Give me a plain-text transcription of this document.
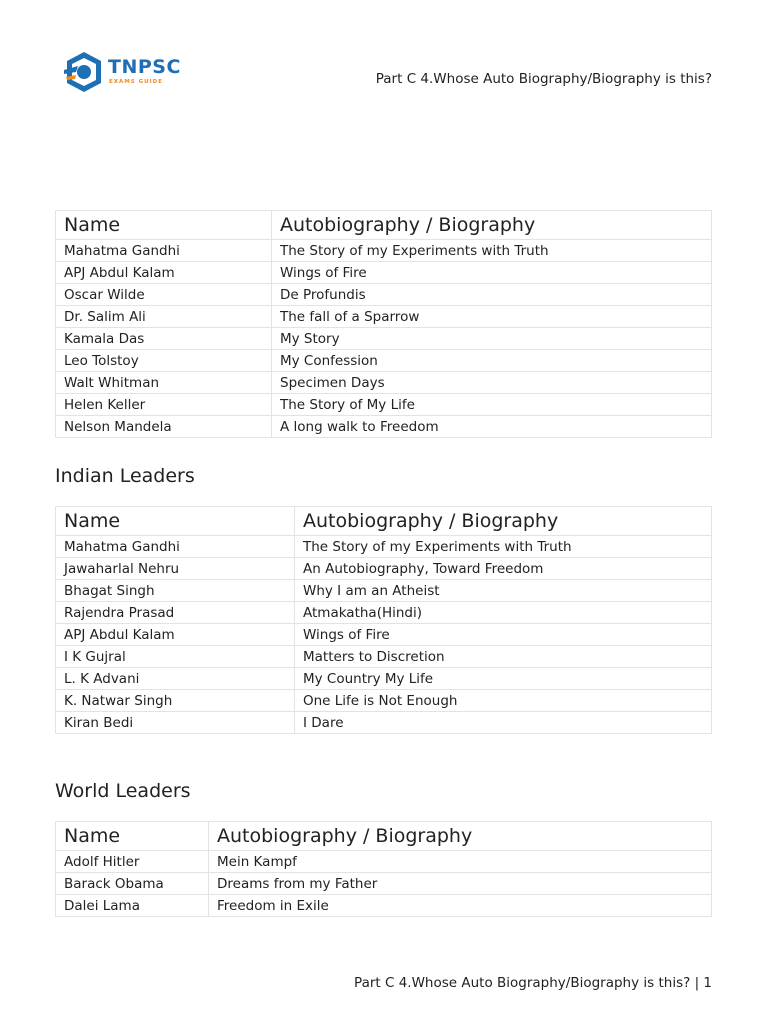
TNPSC
EXAMS GUIDE	Part C 4.Whose Auto Biography/Biography is this?
Name	Autobiography / Biography
Mahatma Gandhi	The Story of my Experiments with Truth
APJ Abdul Kalam	Wings of Fire
Oscar Wilde	De Profundis
Dr. Salim Ali	The fall of a Sparrow
Kamala Das	My Story
Leo Tolstoy	My Confession
Walt Whitman	Specimen Days
Helen Keller	The Story of My Life
Nelson Mandela	A long walk to Freedom
Indian Leaders
Name	Autobiography / Biography
Mahatma Gandhi	The Story of my Experiments with Truth
Jawaharlal Nehru	An Autobiography, Toward Freedom
Bhagat Singh	Why I am an Atheist
Rajendra Prasad	Atmakatha(Hindi)
APJ Abdul Kalam	Wings of Fire
I K Gujral	Matters to Discretion
L. K Advani	My Country My Life
K. Natwar Singh	One Life is Not Enough
Kiran Bedi	I Dare
World Leaders
Name	Autobiography / Biography
Adolf Hitler	Mein Kampf
Barack Obama	Dreams from my Father
Dalei Lama	Freedom in Exile
Part C 4.Whose Auto Biography/Biography is this? | 1
